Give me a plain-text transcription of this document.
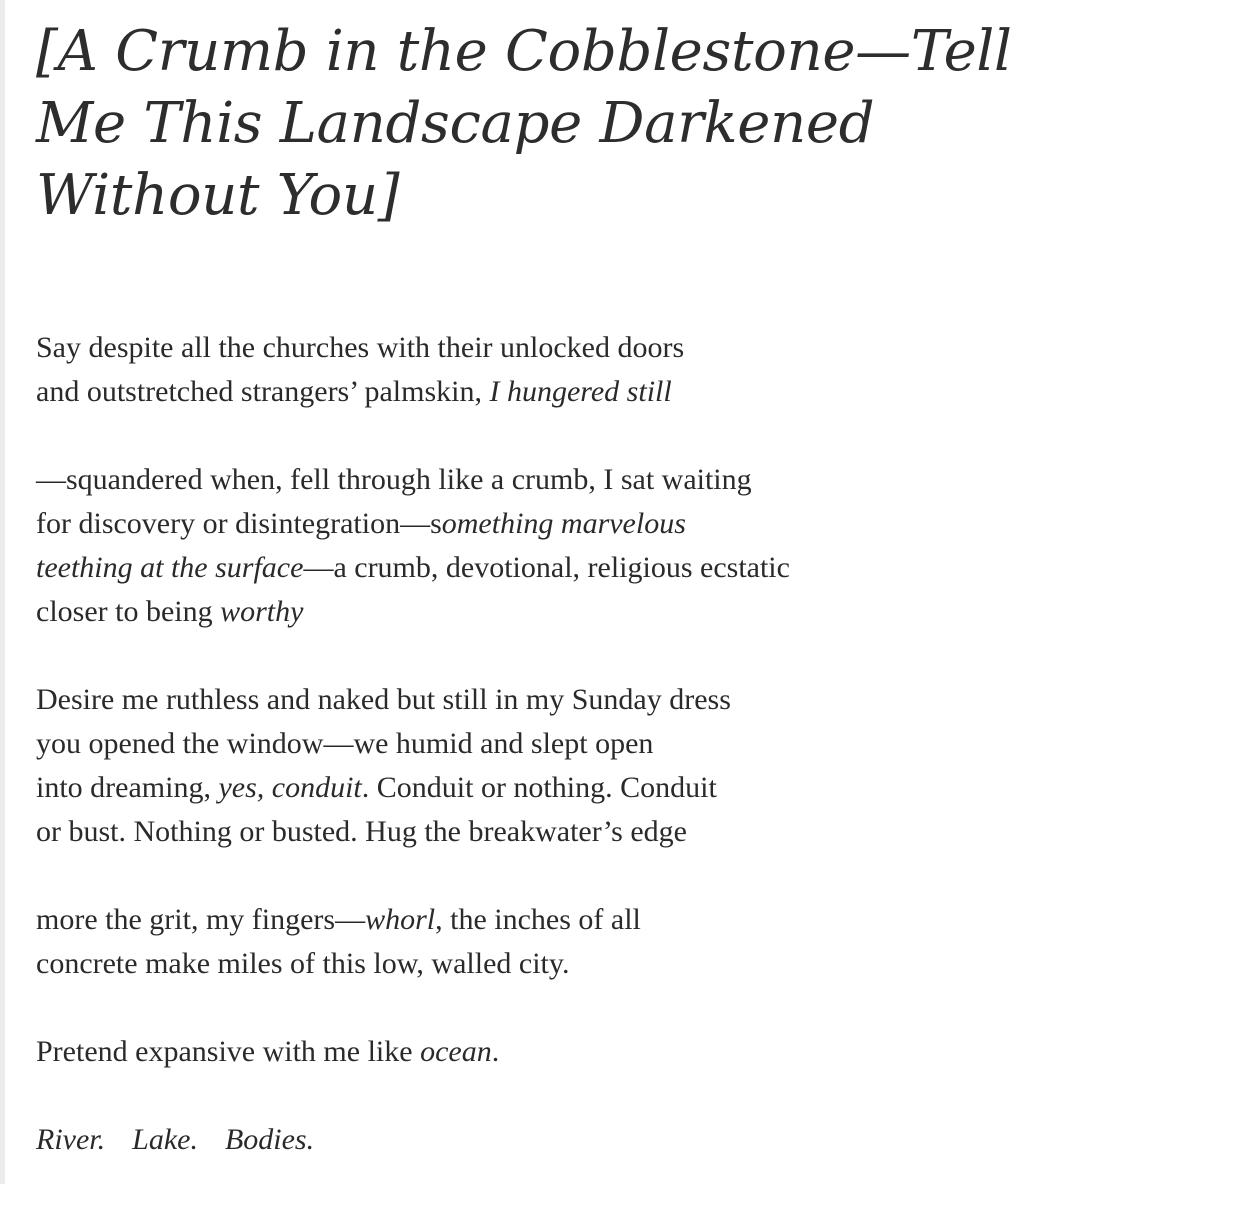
[A Crumb in the Cobblestone—Tell
Me This Landscape Darkened
Without You]
Say despite all the churches with their unlocked doors
and outstretched strangers’ palmskin, I hungered still
—squandered when, fell through like a crumb, I sat waiting
for discovery or disintegration—something marvelous
teething at the surface—a crumb, devotional, religious ecstatic
closer to being worthy
Desire me ruthless and naked but still in my Sunday dress
you opened the window—we humid and slept open
into dreaming, yes, conduit. Conduit or nothing. Conduit
or bust. Nothing or busted. Hug the breakwater’s edge
more the grit, my fingers—whorl, the inches of all
concrete make miles of this low, walled city.
Pretend expansive with me like ocean.
River.  Lake.  Bodies.
